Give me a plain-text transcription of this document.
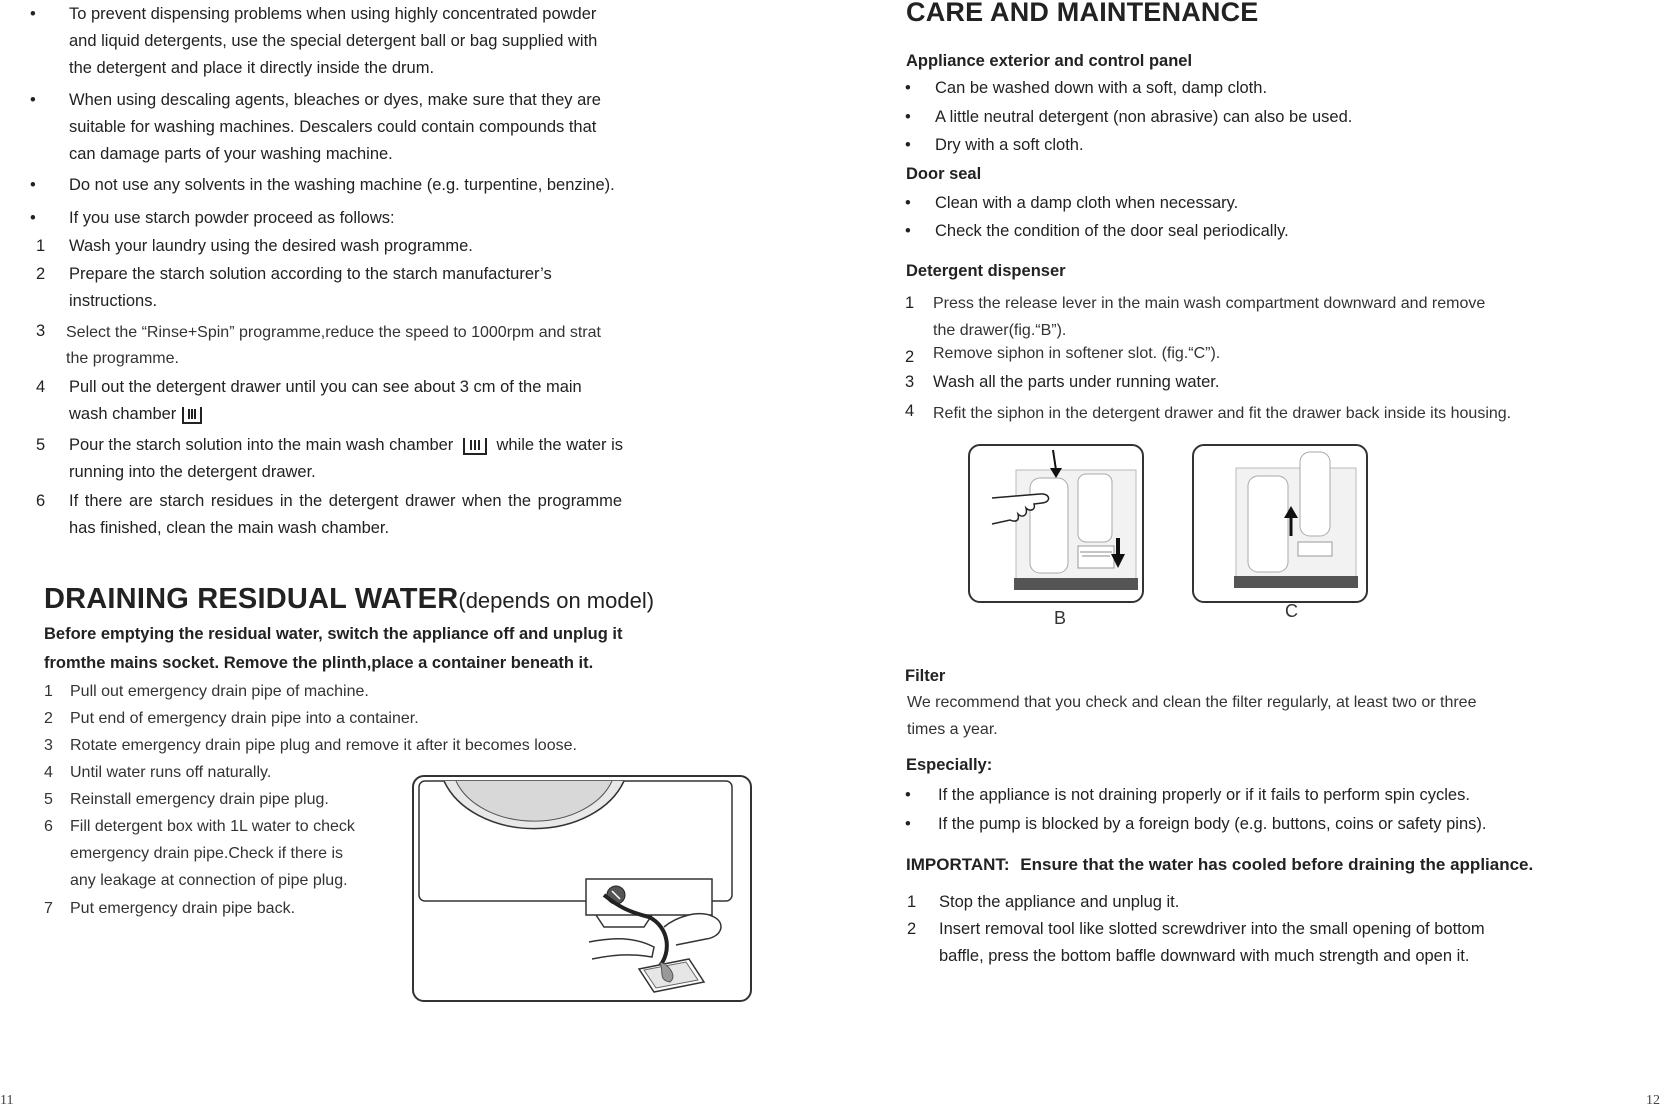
• To prevent dispensing problems when using highly concentrated powder
and liquid detergents, use the special detergent ball or bag supplied with
the detergent and place it directly inside the drum.
• When using descaling agents, bleaches or dyes, make sure that they are
suitable for washing machines. Descalers could contain compounds that
can damage parts of your washing machine.
• Do not use any solvents in the washing machine (e.g. turpentine, benzine).
• If you use starch powder proceed as follows:
1 Wash your laundry using the desired wash programme.
2 Prepare the starch solution according to the starch manufacturer’s
instructions.
3 Select the “Rinse+Spin” programme,reduce the speed to 1000rpm and strat
the programme.
4 Pull out the detergent drawer until you can see about 3 cm of the main
wash chamber
5 Pour the starch solution into the main wash chamber	while the water is
running into the detergent drawer.
6 If there are starch residues in the detergent drawer when the programme
has finished, clean the main wash chamber.
DRAINING RESIDUAL WATER(depends on model)
Before emptying the residual water, switch the appliance off and unplug it
fromthe mains socket. Remove the plinth,place a container beneath it.
1 Pull out emergency drain pipe of machine.
2 Put end of emergency drain pipe into a container.
3 Rotate emergency drain pipe plug and remove it after it becomes loose.
4 Until water runs off naturally.
5 Reinstall emergency drain pipe plug.
6 Fill detergent box with 1L water to check
emergency drain pipe.Check if there is
any leakage at connection of pipe plug.
7 Put emergency drain pipe back.
11
CARE AND MAINTENANCE
Appliance exterior and control panel
• Can be washed down with a soft, damp cloth.
• A little neutral detergent (non abrasive) can also be used.
• Dry with a soft cloth.
Door seal
• Clean with a damp cloth when necessary.
• Check the condition of the door seal periodically.
Detergent dispenser
1 Press the release lever in the main wash compartment downward and remove
the drawer(fig.“B”).
2 Remove siphon in softener slot. (fig.“C”).
3 Wash all the parts under running water.
4 Refit the siphon in the detergent drawer and fit the drawer back inside its housing.
B	C
Filter
We recommend that you check and clean the filter regularly, at least two or three
times a year.
Especially:
• If the appliance is not draining properly or if it fails to perform spin cycles.
• If the pump is blocked by a foreign body (e.g. buttons, coins or safety pins).
IMPORTANT: Ensure that the water has cooled before draining the appliance.
1 Stop the appliance and unplug it.
2 Insert removal tool like slotted screwdriver into the small opening of bottom
baffle, press the bottom baffle downward with much strength and open it.
12
